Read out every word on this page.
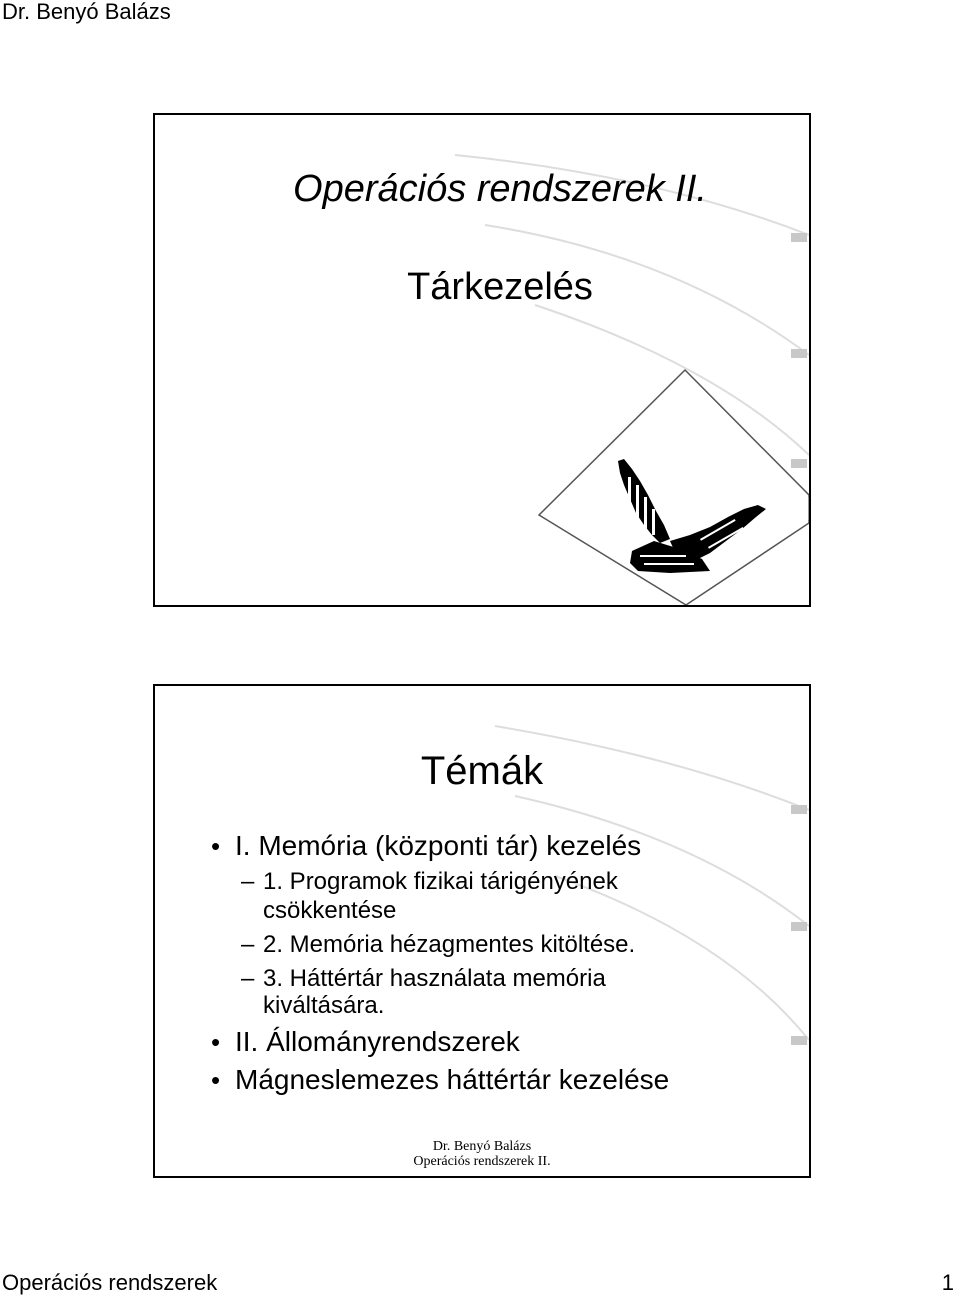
Dr. Benyó Balázs
Operációs rendszerek II.
Tárkezelés
Témák
• I. Memória (központi tár) kezelés
– 1. Programok fizikai tárigényének
csökkentése
– 2. Memória hézagmentes kitöltése.
– 3. Háttértár használata memória
kiváltására.
• II. Állományrendszerek
• Mágneslemezes háttértár kezelése
Dr. Benyó Balázs
Operációs rendszerek II.
Operációs rendszerek	1
